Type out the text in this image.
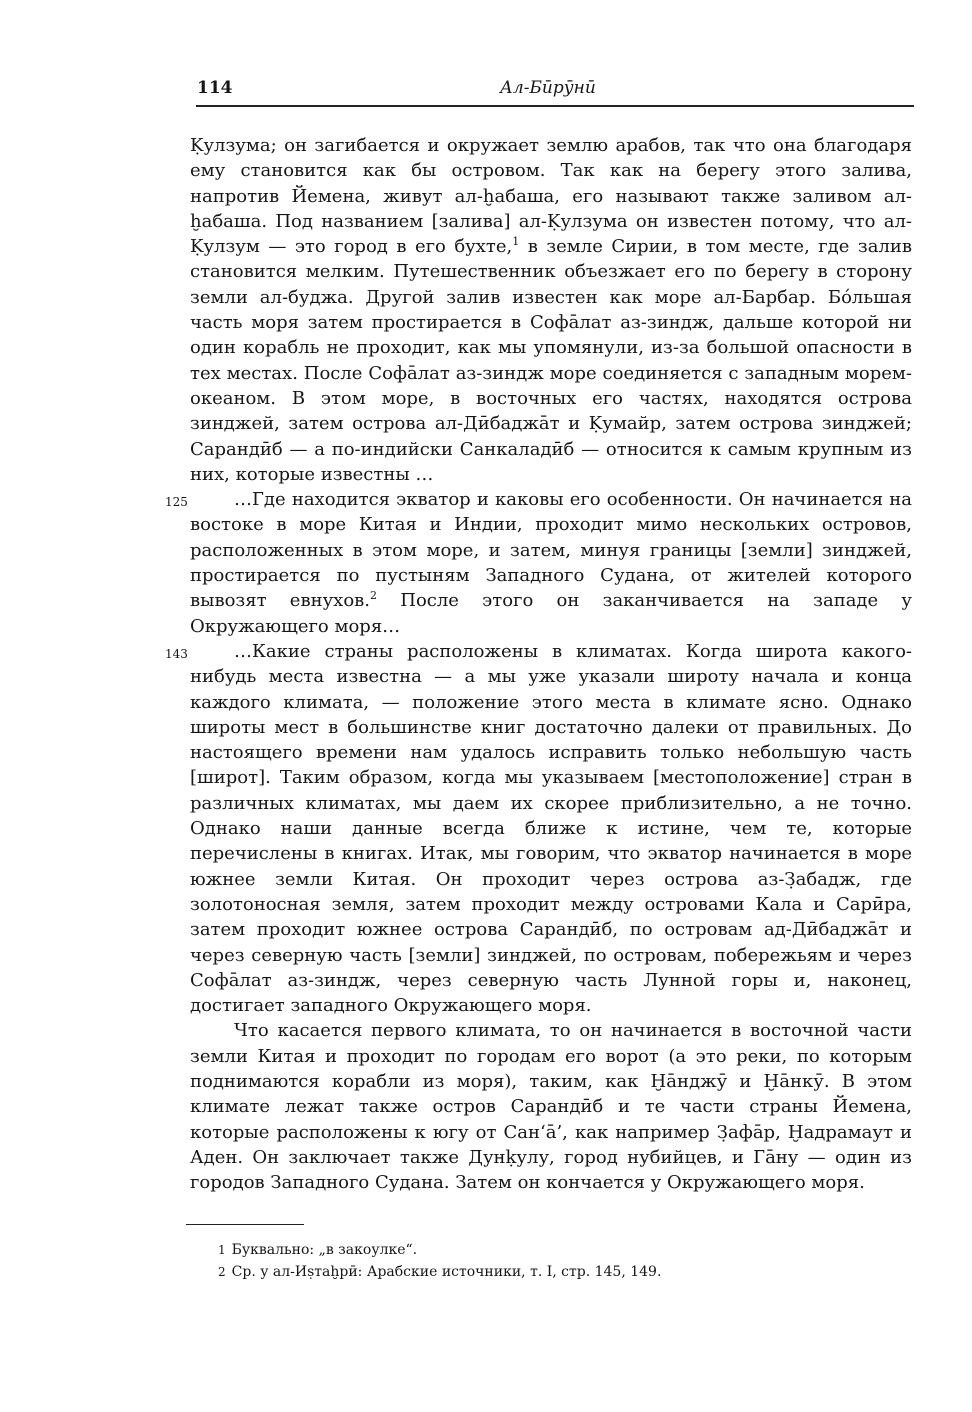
114	Ал-Бӣрӯнӣ

Ḳулзума; он загибается и окружает землю арабов, так что она благодаря ему становится как бы островом. Так как на берегу этого залива, напротив Йемена, живут ал-ḫабаша, его называют также заливом ал-ḫабаша. Под названием [залива] ал-Ḳулзума он известен потому, что ал-Ḳулзум — это город в его бухте,$^1$ в земле Сирии, в том месте, где залив становится мелким. Путешественник объезжает его по берегу в сторону земли ал-буджа. Другой залив известен как море ал-Барбар. Бо́льшая часть моря затем простирается в Софāлат аз-зиндж, дальше которой ни один корабль не проходит, как мы упомянули, из-за большой опасности в тех местах. После Софāлат аз-зиндж море соединяется с западным морем-океаном. В этом море, в восточных его частях, находятся острова зинджей, затем острова ал-Дӣбаджāт и Ḳумайр, затем острова зинджей; Сарандӣб — а по-индийски Санкаладӣб — относится к самым крупным из них, которые известны …

125	…Где находится экватор и каковы его особенности. Он начинается на востоке в море Китая и Индии, проходит мимо нескольких островов, расположенных в этом море, и затем, минуя границы [земли] зинджей, простирается по пустыням Западного Судана, от жителей которого вывозят евнухов.$^2$ После этого он заканчивается на западе у Окружающего моря…

143	…Какие страны расположены в климатах. Когда широта какого-нибудь места известна — а мы уже указали широту начала и конца каждого климата, — положение этого места в климате ясно. Однако широты мест в большинстве книг достаточно далеки от правильных. До настоящего времени нам удалось исправить только небольшую часть [широт]. Таким образом, когда мы указываем [местоположение] стран в различных климатах, мы даем их скорее приблизительно, а не точно. Однако наши данные всегда ближе к истине, чем те, которые перечислены в книгах. Итак, мы говорим, что экватор начинается в море южнее земли Китая. Он проходит через острова аз-З̣абадж, где золотоносная земля, затем проходит между островами Кала и Сарӣра, затем проходит южнее острова Сарандӣб, по островам ад-Дӣбаджāт и через северную часть [земли] зинджей, по островам, побережьям и через Софāлат аз-зиндж, через северную часть Лунной горы и, наконец, достигает западного Окружающего моря.

Что касается первого климата, то он начинается в восточной части земли Китая и проходит по городам его ворот (а это реки, по которым поднимаются корабли из моря), таким, как Ḫāнджӯ и Ḫāнкӯ. В этом климате лежат также остров Сарандӣб и те части страны Йемена, которые расположены к югу от Сан‘ā’, как например З̣афāр, Ḫадрамаут и Аден. Он заключает также Дунḳулу, город нубийцев, и Гāну — один из городов Западного Судана. Затем он кончается у Окружающего моря.

1 Буквально: „в закоулке“.

2 Ср. у ал-Иṣтаḫрӣ: Арабские источники, т. I, стр. 145, 149.
